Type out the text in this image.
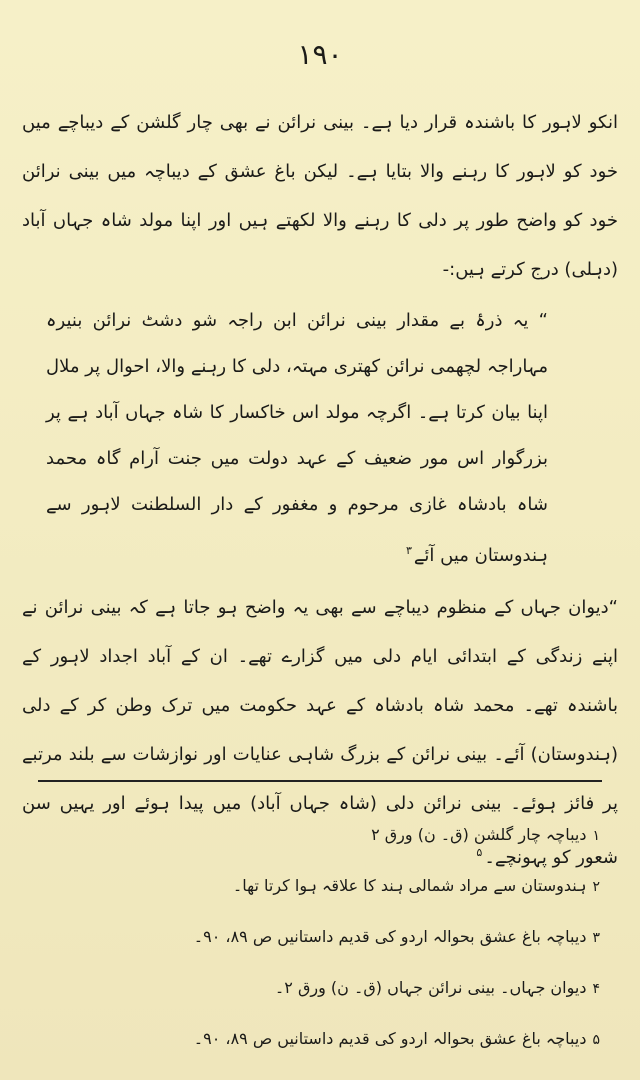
۱۹۰

انکو لاہور کا باشندہ قرار دیا ہے۔ بینی نرائن نے بھی چار گلشن کے دیباچے میں خود کو لاہور کا رہنے والا بتایا ہے۔ لیکن باغ عشق کے دیباچہ میں بینی نرائن خود کو واضح طور پر دلی کا رہنے والا لکھتے ہیں اور اپنا مولد شاہ جہاں آباد (دہلی) درج کرتے ہیں:-

“ یہ ذرۂ بے مقدار بینی نرائن ابن راجہ شو دشٹ نرائن بنیرہ مہاراجہ لچھمی نرائن کھتری مہتہ، دلی کا رہنے والا، احوال پر ملال اپنا بیان کرتا ہے۔ اگرچہ مولد اس خاکسار کا شاہ جہاں آباد ہے پر بزرگوار اس مور ضعیف کے عہد دولت میں جنت آرام گاہ محمد شاہ بادشاہ غازی مرحوم و مغفور کے دار السلطنت لاہور سے ہندوستان میں آئے$^۳$

“دیوان جہاں کے منظوم دیباچے سے بھی یہ واضح ہو جاتا ہے کہ بینی نرائن نے اپنے زندگی کے ابتدائی ایام دلی میں گزارے تھے۔ ان کے آباد اجداد لاہور کے باشندہ تھے۔ محمد شاہ بادشاہ کے عہد حکومت میں ترک وطن کر کے دلی (ہندوستان) آئے۔ بینی نرائن کے بزرگ شاہی عنایات اور نوازشات سے بلند مرتبے پر فائز ہوئے۔ بینی نرائن دلی (شاہ جہاں آباد) میں پیدا ہوئے اور یہیں سن شعور کو پہونچے۔$^۵$

۱دیباچہ چار گلشن (ق۔ ن) ورق ۲
۲ہندوستان سے مراد شمالی ہند کا علاقہ ہوا کرتا تھا۔
۳دیباچہ باغ عشق بحوالہ اردو کی قدیم داستانیں ص ۸۹، ۹۰۔
۴دیوان جہاں۔ بینی نرائن جہاں (ق۔ ن) ورق ۲۔
۵دیباچہ باغ عشق بحوالہ اردو کی قدیم داستانیں ص ۸۹، ۹۰۔
